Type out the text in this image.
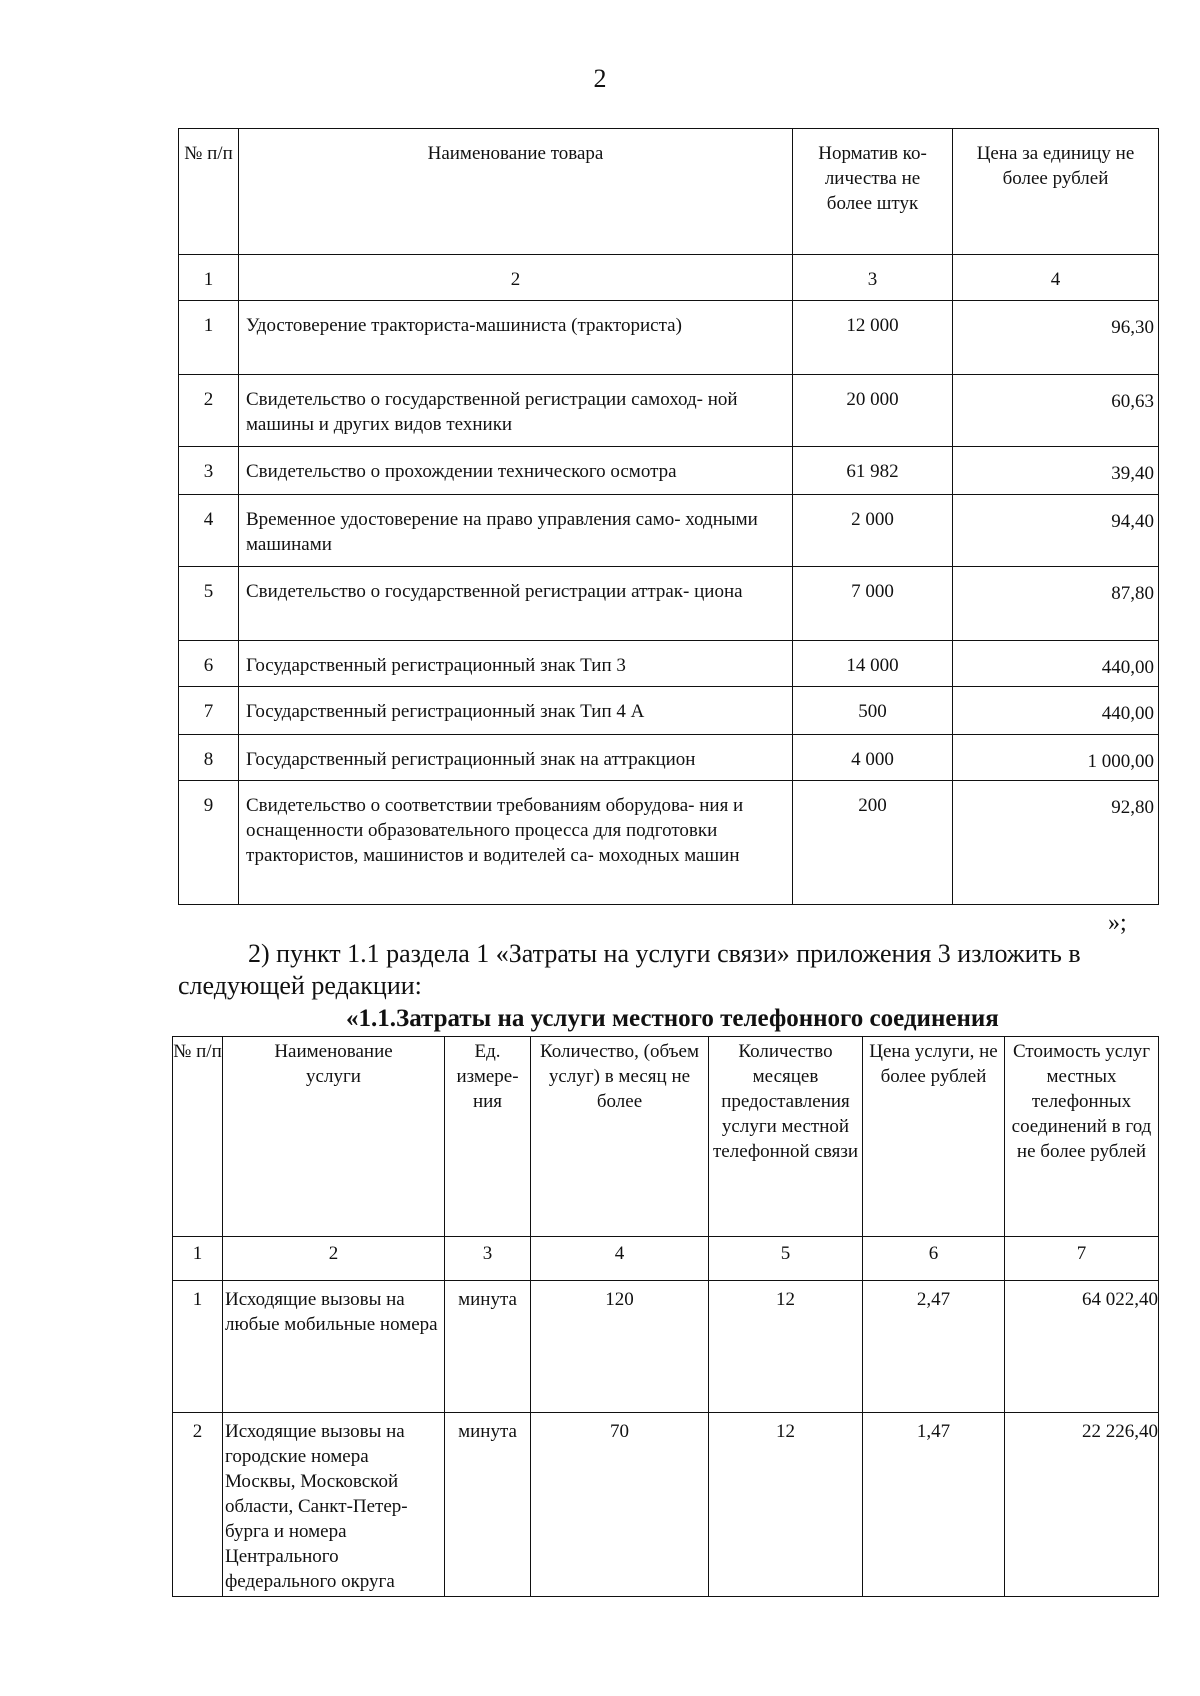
2
№ п/п	Наименование товара	Норматив ко- личества не более штук	Цена за единицу не более рублей
1	2	3	4
1	Удостоверение тракториста-машиниста (тракториста)	12 000	96,30
2	Свидетельство о государственной регистрации самоход- ной машины и других видов техники	20 000	60,63
3	Свидетельство о прохождении технического осмотра	61 982	39,40
4	Временное удостоверение на право управления само- ходными машинами	2 000	94,40
5	Свидетельство о государственной регистрации аттрак- циона	7 000	87,80
6	Государственный регистрационный знак Тип 3	14 000	440,00
7	Государственный регистрационный знак Тип 4 А	500	440,00
8	Государственный регистрационный знак на аттракцион	4 000	1 000,00
9	Свидетельство о соответствии требованиям оборудова- ния и оснащенности образовательного процесса для подготовки трактористов, машинистов и водителей са- моходных машин	200	92,80
»;

2) пункт 1.1 раздела 1 «Затраты на услуги связи» приложения 3 изложить в следующей редакции:

«1.1.Затраты на услуги местного телефонного соединения

№ п/п	Наименование услуги	Ед. измере- ния	Количество, (объем услуг) в месяц не более	Количество месяцев предоставления услуги местной телефонной связи	Цена услуги, не более рублей	Стоимость услуг местных телефонных соединений в год не более рублей
1	2	3	4	5	6	7
1	Исходящие вызовы на любые мобильные номера	минута	120	12	2,47	64 022,40
2	Исходящие вызовы на городские номера Москвы, Московской области, Санкт-Петер- бурга и номера Центрального федерального округа	минута	70	12	1,47	22 226,40
